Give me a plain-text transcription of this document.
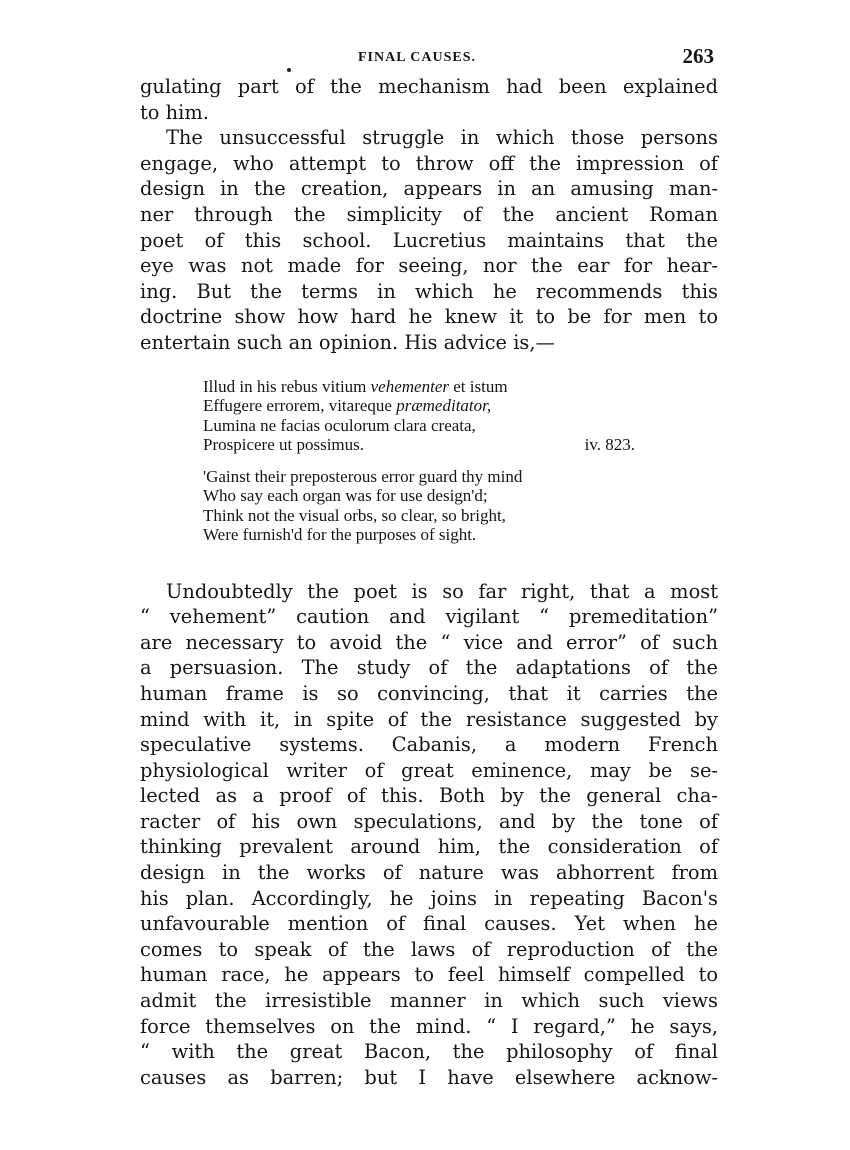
FINAL CAUSES.	263
gulating part of the mechanism had been explained
to him.
The unsuccessful struggle in which those persons
engage, who attempt to throw off the impression of
design in the creation, appears in an amusing man-
ner through the simplicity of the ancient Roman
poet of this school. Lucretius maintains that the
eye was not made for seeing, nor the ear for hear-
ing. But the terms in which he recommends this
doctrine show how hard he knew it to be for men to
entertain such an opinion. His advice is,—
Illud in his rebus vitium vehementer et istum
Effugere errorem, vitareque præmeditator,
Lumina ne facias oculorum clara creata,
Prospicere ut possimus.	iv. 823.
'Gainst their preposterous error guard thy mind
Who say each organ was for use design'd;
Think not the visual orbs, so clear, so bright,
Were furnish'd for the purposes of sight.
Undoubtedly the poet is so far right, that a most
“ vehement” caution and vigilant “ premeditation”
are necessary to avoid the “ vice and error” of such
a persuasion. The study of the adaptations of the
human frame is so convincing, that it carries the
mind with it, in spite of the resistance suggested by
speculative systems. Cabanis, a modern French
physiological writer of great eminence, may be se-
lected as a proof of this. Both by the general cha-
racter of his own speculations, and by the tone of
thinking prevalent around him, the consideration of
design in the works of nature was abhorrent from
his plan. Accordingly, he joins in repeating Bacon's
unfavourable mention of final causes. Yet when he
comes to speak of the laws of reproduction of the
human race, he appears to feel himself compelled to
admit the irresistible manner in which such views
force themselves on the mind. “ I regard,” he says,
“ with the great Bacon, the philosophy of final
causes as barren; but I have elsewhere acknow-
